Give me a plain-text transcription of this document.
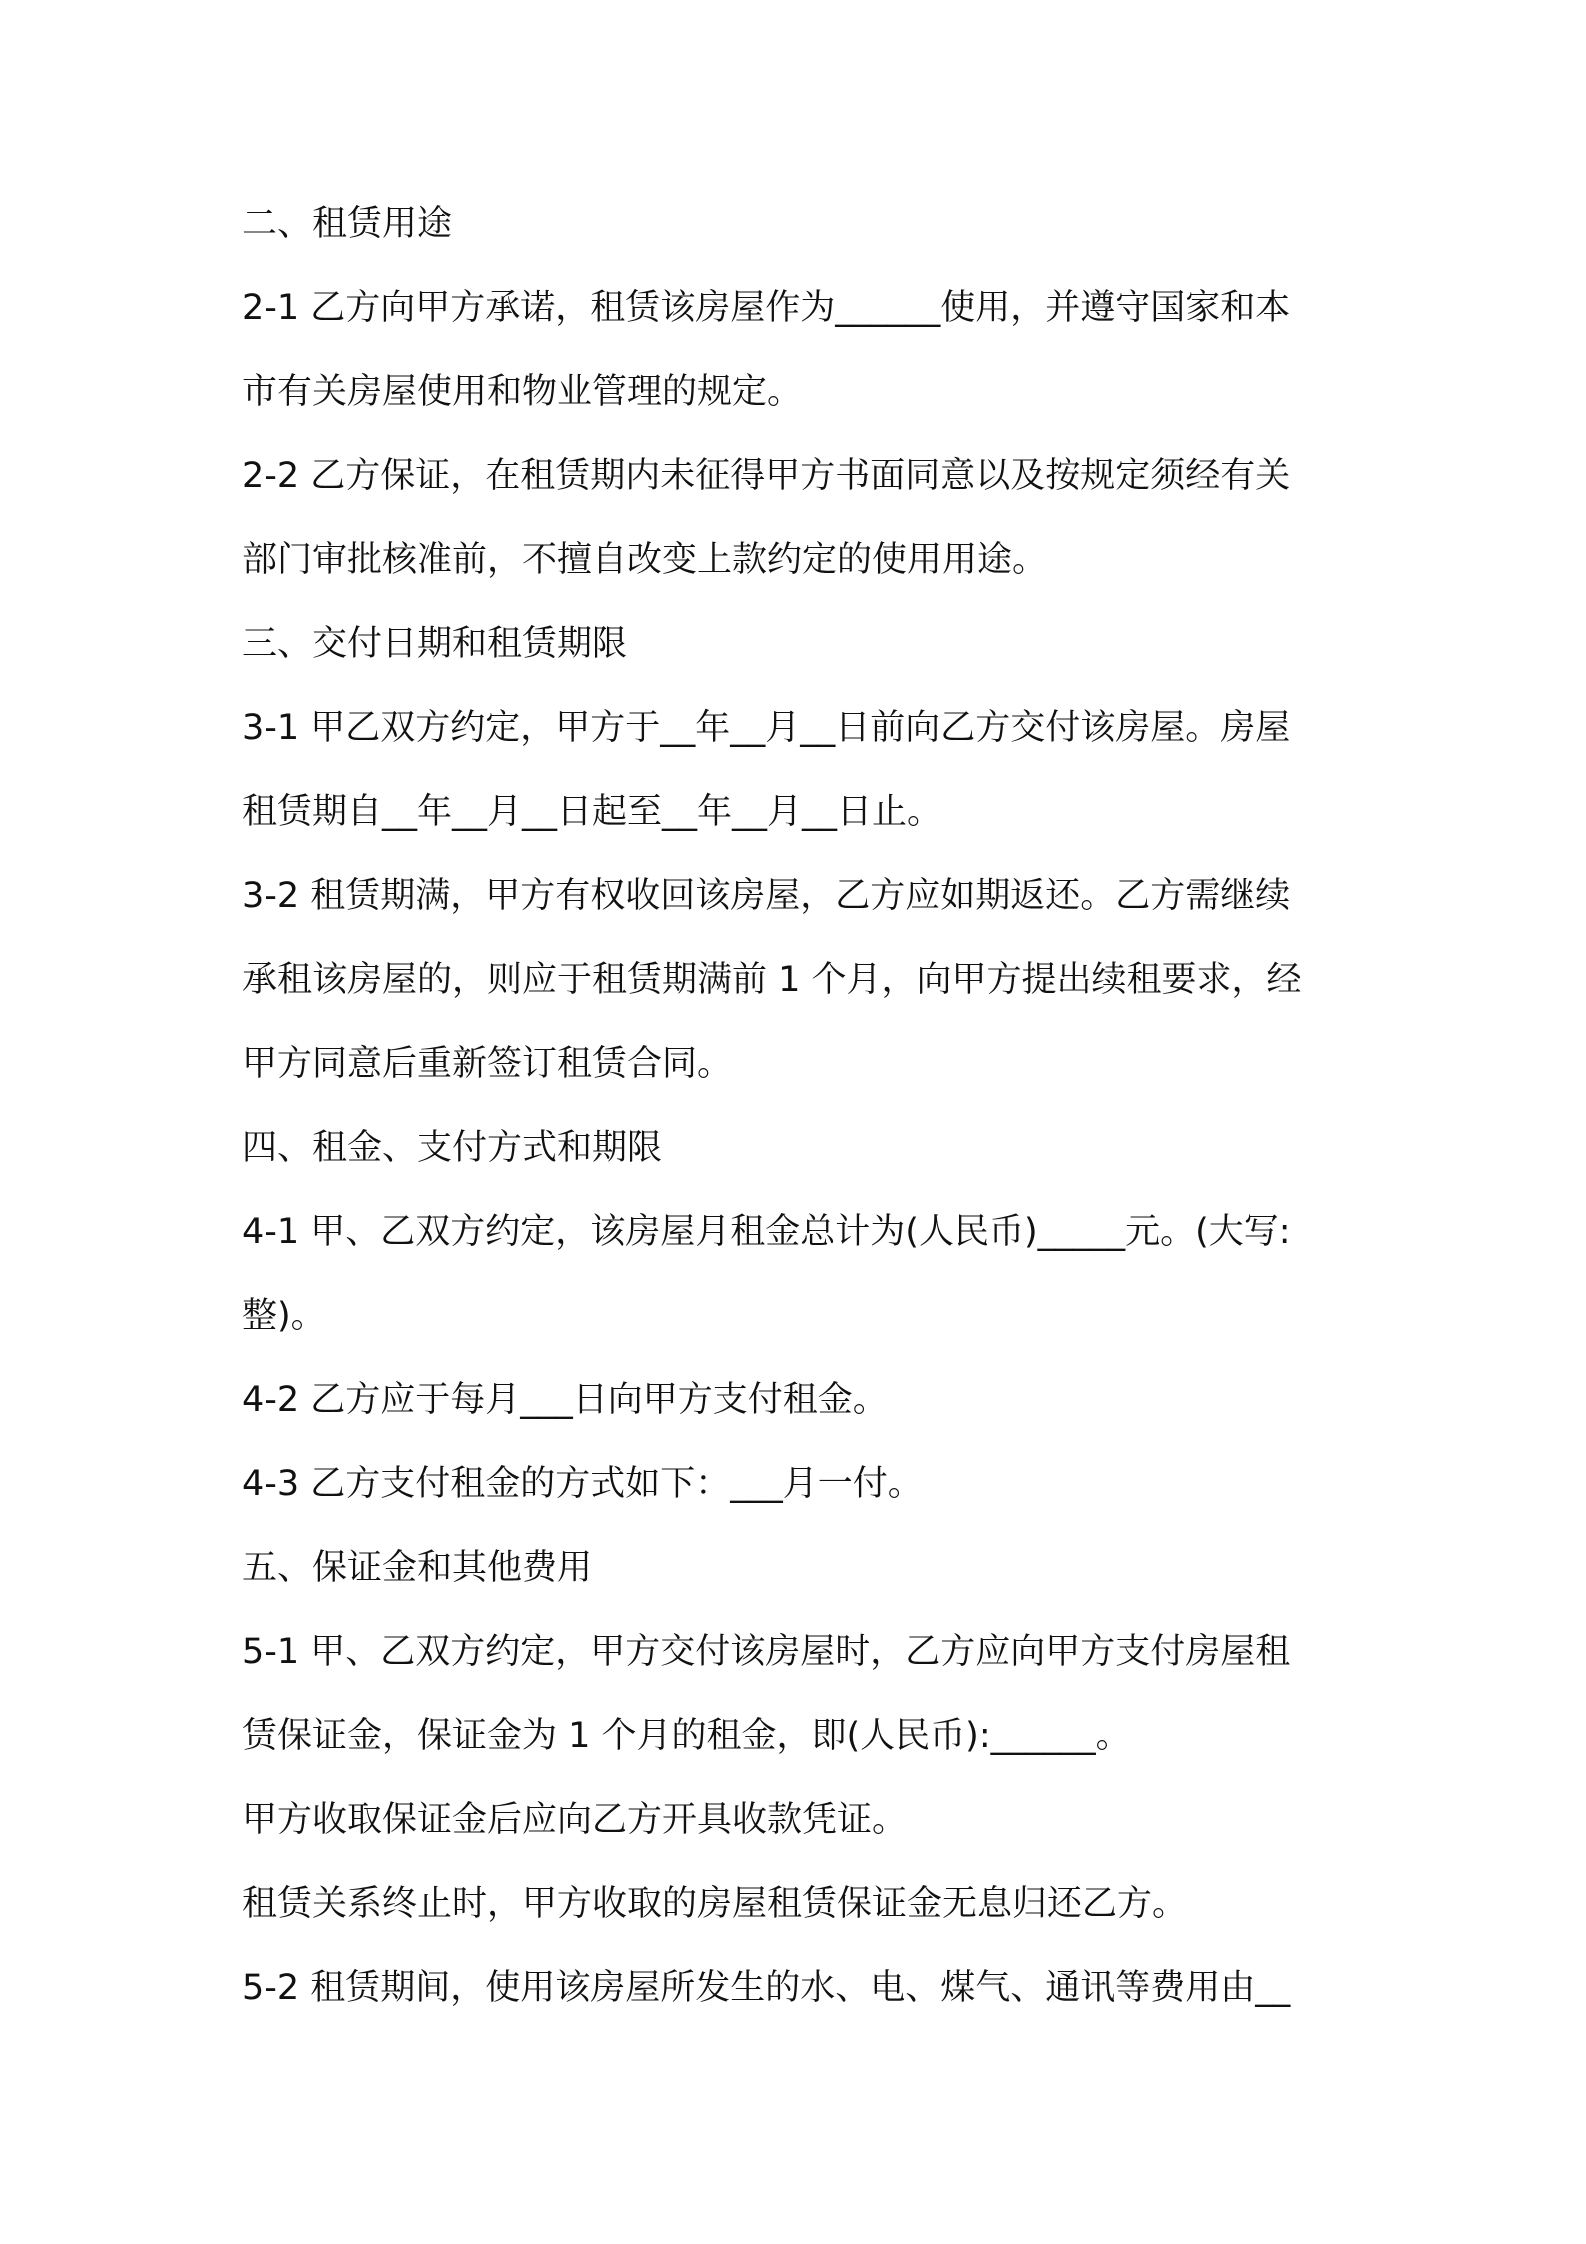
二、租赁用途
2-1 乙方向甲方承诺，租赁该房屋作为______使用，并遵守国家和本
市有关房屋使用和物业管理的规定。
2-2 乙方保证，在租赁期内未征得甲方书面同意以及按规定须经有关
部门审批核准前，不擅自改变上款约定的使用用途。
三、交付日期和租赁期限
3-1 甲乙双方约定，甲方于__年__月__日前向乙方交付该房屋。房屋
租赁期自__年__月__日起至__年__月__日止。
3-2 租赁期满，甲方有权收回该房屋，乙方应如期返还。乙方需继续
承租该房屋的，则应于租赁期满前 1 个月，向甲方提出续租要求，经
甲方同意后重新签订租赁合同。
四、租金、支付方式和期限
4-1 甲、乙双方约定，该房屋月租金总计为(人民币)_____元。(大写:
整)。
4-2 乙方应于每月___日向甲方支付租金。
4-3 乙方支付租金的方式如下：___月一付。
五、保证金和其他费用
5-1 甲、乙双方约定，甲方交付该房屋时，乙方应向甲方支付房屋租
赁保证金，保证金为 1 个月的租金，即(人民币):______。
甲方收取保证金后应向乙方开具收款凭证。
租赁关系终止时，甲方收取的房屋租赁保证金无息归还乙方。
5-2 租赁期间，使用该房屋所发生的水、电、煤气、通讯等费用由__
